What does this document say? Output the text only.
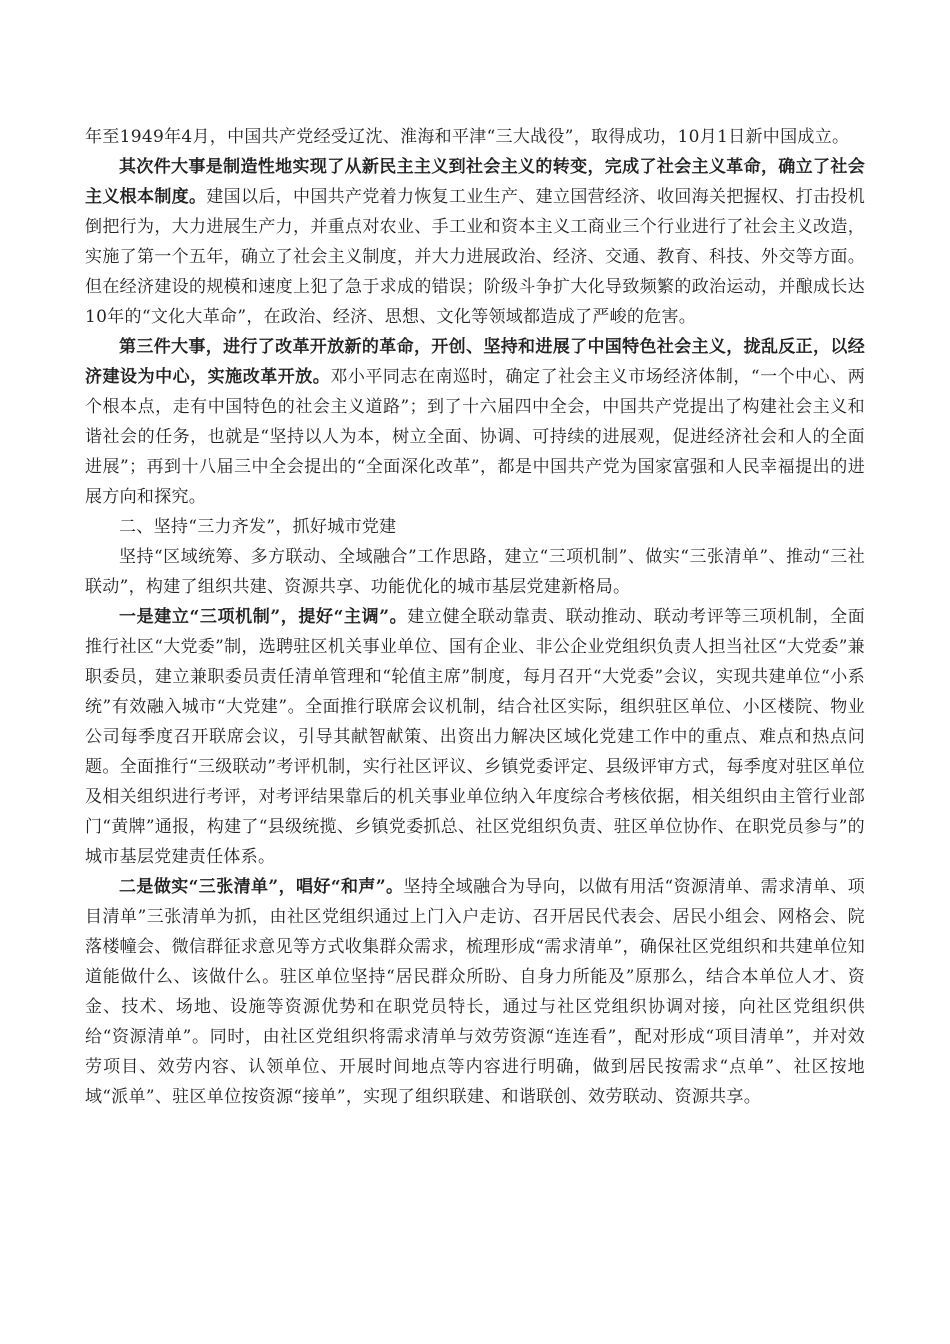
年至1949年4月，中国共产党经受辽沈、淮海和平津“三大战役”，取得成功，10月1日新中国成立。

其次件大事是制造性地实现了从新民主主义到社会主义的转变，完成了社会主义革命，确立了社会主义根本制度。建国以后，中国共产党着力恢复工业生产、建立国营经济、收回海关把握权、打击投机倒把行为，大力进展生产力，并重点对农业、手工业和资本主义工商业三个行业进行了社会主义改造，实施了第一个五年，确立了社会主义制度，并大力进展政治、经济、交通、教育、科技、外交等方面。但在经济建设的规模和速度上犯了急于求成的错误；阶级斗争扩大化导致频繁的政治运动，并酿成长达10年的“文化大革命”，在政治、经济、思想、文化等领域都造成了严峻的危害。

第三件大事，进行了改革开放新的革命，开创、坚持和进展了中国特色社会主义，拢乱反正，以经济建设为中心，实施改革开放。邓小平同志在南巡时，确定了社会主义市场经济体制，“一个中心、两个根本点，走有中国特色的社会主义道路”；到了十六届四中全会，中国共产党提出了构建社会主义和谐社会的任务，也就是“坚持以人为本，树立全面、协调、可持续的进展观，促进经济社会和人的全面进展”；再到十八届三中全会提出的“全面深化改革”，都是中国共产党为国家富强和人民幸福提出的进展方向和探究。

二、坚持“三力齐发”，抓好城市党建

坚持“区域统筹、多方联动、全域融合”工作思路，建立“三项机制”、做实“三张清单”、推动“三社联动”，构建了组织共建、资源共享、功能优化的城市基层党建新格局。

一是建立“三项机制”，提好“主调”。建立健全联动靠责、联动推动、联动考评等三项机制，全面推行社区“大党委”制，选聘驻区机关事业单位、国有企业、非公企业党组织负责人担当社区“大党委”兼职委员，建立兼职委员责任清单管理和“轮值主席”制度，每月召开“大党委”会议，实现共建单位“小系统”有效融入城市“大党建”。全面推行联席会议机制，结合社区实际，组织驻区单位、小区楼院、物业公司每季度召开联席会议，引导其献智献策、出资出力解决区域化党建工作中的重点、难点和热点问题。全面推行“三级联动”考评机制，实行社区评议、乡镇党委评定、县级评审方式，每季度对驻区单位及相关组织进行考评，对考评结果靠后的机关事业单位纳入年度综合考核依据，相关组织由主管行业部门“黄牌”通报，构建了“县级统揽、乡镇党委抓总、社区党组织负责、驻区单位协作、在职党员参与”的城市基层党建责任体系。

二是做实“三张清单”，唱好“和声”。坚持全域融合为导向，以做有用活“资源清单、需求清单、项目清单”三张清单为抓，由社区党组织通过上门入户走访、召开居民代表会、居民小组会、网格会、院落楼幢会、微信群征求意见等方式收集群众需求，梳理形成“需求清单”，确保社区党组织和共建单位知道能做什么、该做什么。驻区单位坚持“居民群众所盼、自身力所能及”原那么，结合本单位人才、资金、技术、场地、设施等资源优势和在职党员特长，通过与社区党组织协调对接，向社区党组织供给“资源清单”。同时，由社区党组织将需求清单与效劳资源“连连看”，配对形成“项目清单”，并对效劳项目、效劳内容、认领单位、开展时间地点等内容进行明确，做到居民按需求“点单”、社区按地域“派单”、驻区单位按资源“接单”，实现了组织联建、和谐联创、效劳联动、资源共享。
